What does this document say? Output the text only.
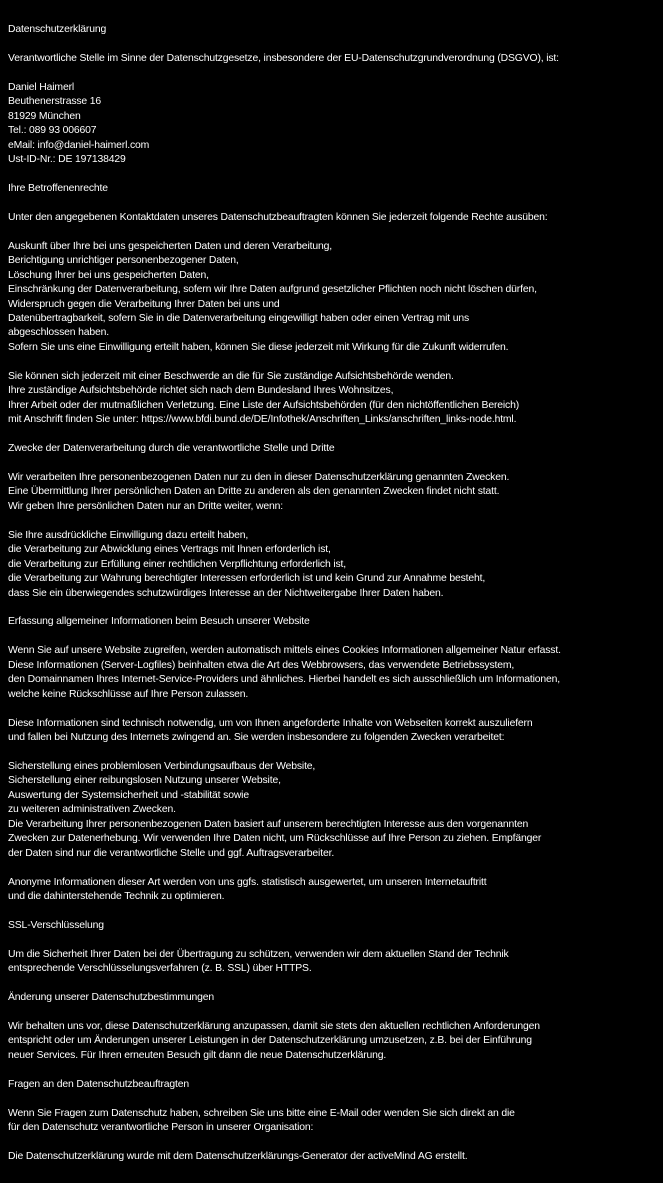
Datenschutzerklärung
Verantwortliche Stelle im Sinne der Datenschutzgesetze, insbesondere der EU-Datenschutzgrundverordnung (DSGVO), ist:
Daniel Haimerl
Beuthenerstrasse 16
81929 München
Tel.: 089 93 006607
eMail: info@daniel-haimerl.com
Ust-ID-Nr.: DE 197138429
Ihre Betroffenenrechte
Unter den angegebenen Kontaktdaten unseres Datenschutzbeauftragten können Sie jederzeit folgende Rechte ausüben:
Auskunft über Ihre bei uns gespeicherten Daten und deren Verarbeitung,
Berichtigung unrichtiger personenbezogener Daten,
Löschung Ihrer bei uns gespeicherten Daten,
Einschränkung der Datenverarbeitung, sofern wir Ihre Daten aufgrund gesetzlicher Pflichten noch nicht löschen dürfen,
Widerspruch gegen die Verarbeitung Ihrer Daten bei uns und
Datenübertragbarkeit, sofern Sie in die Datenverarbeitung eingewilligt haben oder einen Vertrag mit uns
abgeschlossen haben.
Sofern Sie uns eine Einwilligung erteilt haben, können Sie diese jederzeit mit Wirkung für die Zukunft widerrufen.
Sie können sich jederzeit mit einer Beschwerde an die für Sie zuständige Aufsichtsbehörde wenden.
Ihre zuständige Aufsichtsbehörde richtet sich nach dem Bundesland Ihres Wohnsitzes,
Ihrer Arbeit oder der mutmaßlichen Verletzung. Eine Liste der Aufsichtsbehörden (für den nichtöffentlichen Bereich)
mit Anschrift finden Sie unter: https://www.bfdi.bund.de/DE/Infothek/Anschriften_Links/anschriften_links-node.html.
Zwecke der Datenverarbeitung durch die verantwortliche Stelle und Dritte
Wir verarbeiten Ihre personenbezogenen Daten nur zu den in dieser Datenschutzerklärung genannten Zwecken.
Eine Übermittlung Ihrer persönlichen Daten an Dritte zu anderen als den genannten Zwecken findet nicht statt.
Wir geben Ihre persönlichen Daten nur an Dritte weiter, wenn:
Sie Ihre ausdrückliche Einwilligung dazu erteilt haben,
die Verarbeitung zur Abwicklung eines Vertrags mit Ihnen erforderlich ist,
die Verarbeitung zur Erfüllung einer rechtlichen Verpflichtung erforderlich ist,
die Verarbeitung zur Wahrung berechtigter Interessen erforderlich ist und kein Grund zur Annahme besteht,
dass Sie ein überwiegendes schutzwürdiges Interesse an der Nichtweitergabe Ihrer Daten haben.
Erfassung allgemeiner Informationen beim Besuch unserer Website
Wenn Sie auf unsere Website zugreifen, werden automatisch mittels eines Cookies Informationen allgemeiner Natur erfasst.
Diese Informationen (Server-Logfiles) beinhalten etwa die Art des Webbrowsers, das verwendete Betriebssystem,
den Domainnamen Ihres Internet-Service-Providers und ähnliches. Hierbei handelt es sich ausschließlich um Informationen,
welche keine Rückschlüsse auf Ihre Person zulassen.
Diese Informationen sind technisch notwendig, um von Ihnen angeforderte Inhalte von Webseiten korrekt auszuliefern
und fallen bei Nutzung des Internets zwingend an. Sie werden insbesondere zu folgenden Zwecken verarbeitet:
Sicherstellung eines problemlosen Verbindungsaufbaus der Website,
Sicherstellung einer reibungslosen Nutzung unserer Website,
Auswertung der Systemsicherheit und -stabilität sowie
zu weiteren administrativen Zwecken.
Die Verarbeitung Ihrer personenbezogenen Daten basiert auf unserem berechtigten Interesse aus den vorgenannten
Zwecken zur Datenerhebung. Wir verwenden Ihre Daten nicht, um Rückschlüsse auf Ihre Person zu ziehen. Empfänger
der Daten sind nur die verantwortliche Stelle und ggf. Auftragsverarbeiter.
Anonyme Informationen dieser Art werden von uns ggfs. statistisch ausgewertet, um unseren Internetauftritt
und die dahinterstehende Technik zu optimieren.
SSL-Verschlüsselung
Um die Sicherheit Ihrer Daten bei der Übertragung zu schützen, verwenden wir dem aktuellen Stand der Technik
entsprechende Verschlüsselungsverfahren (z. B. SSL) über HTTPS.
Änderung unserer Datenschutzbestimmungen
Wir behalten uns vor, diese Datenschutzerklärung anzupassen, damit sie stets den aktuellen rechtlichen Anforderungen
entspricht oder um Änderungen unserer Leistungen in der Datenschutzerklärung umzusetzen, z.B. bei der Einführung
neuer Services. Für Ihren erneuten Besuch gilt dann die neue Datenschutzerklärung.
Fragen an den Datenschutzbeauftragten
Wenn Sie Fragen zum Datenschutz haben, schreiben Sie uns bitte eine E-Mail oder wenden Sie sich direkt an die
für den Datenschutz verantwortliche Person in unserer Organisation:
Die Datenschutzerklärung wurde mit dem Datenschutzerklärungs-Generator der activeMind AG erstellt.
